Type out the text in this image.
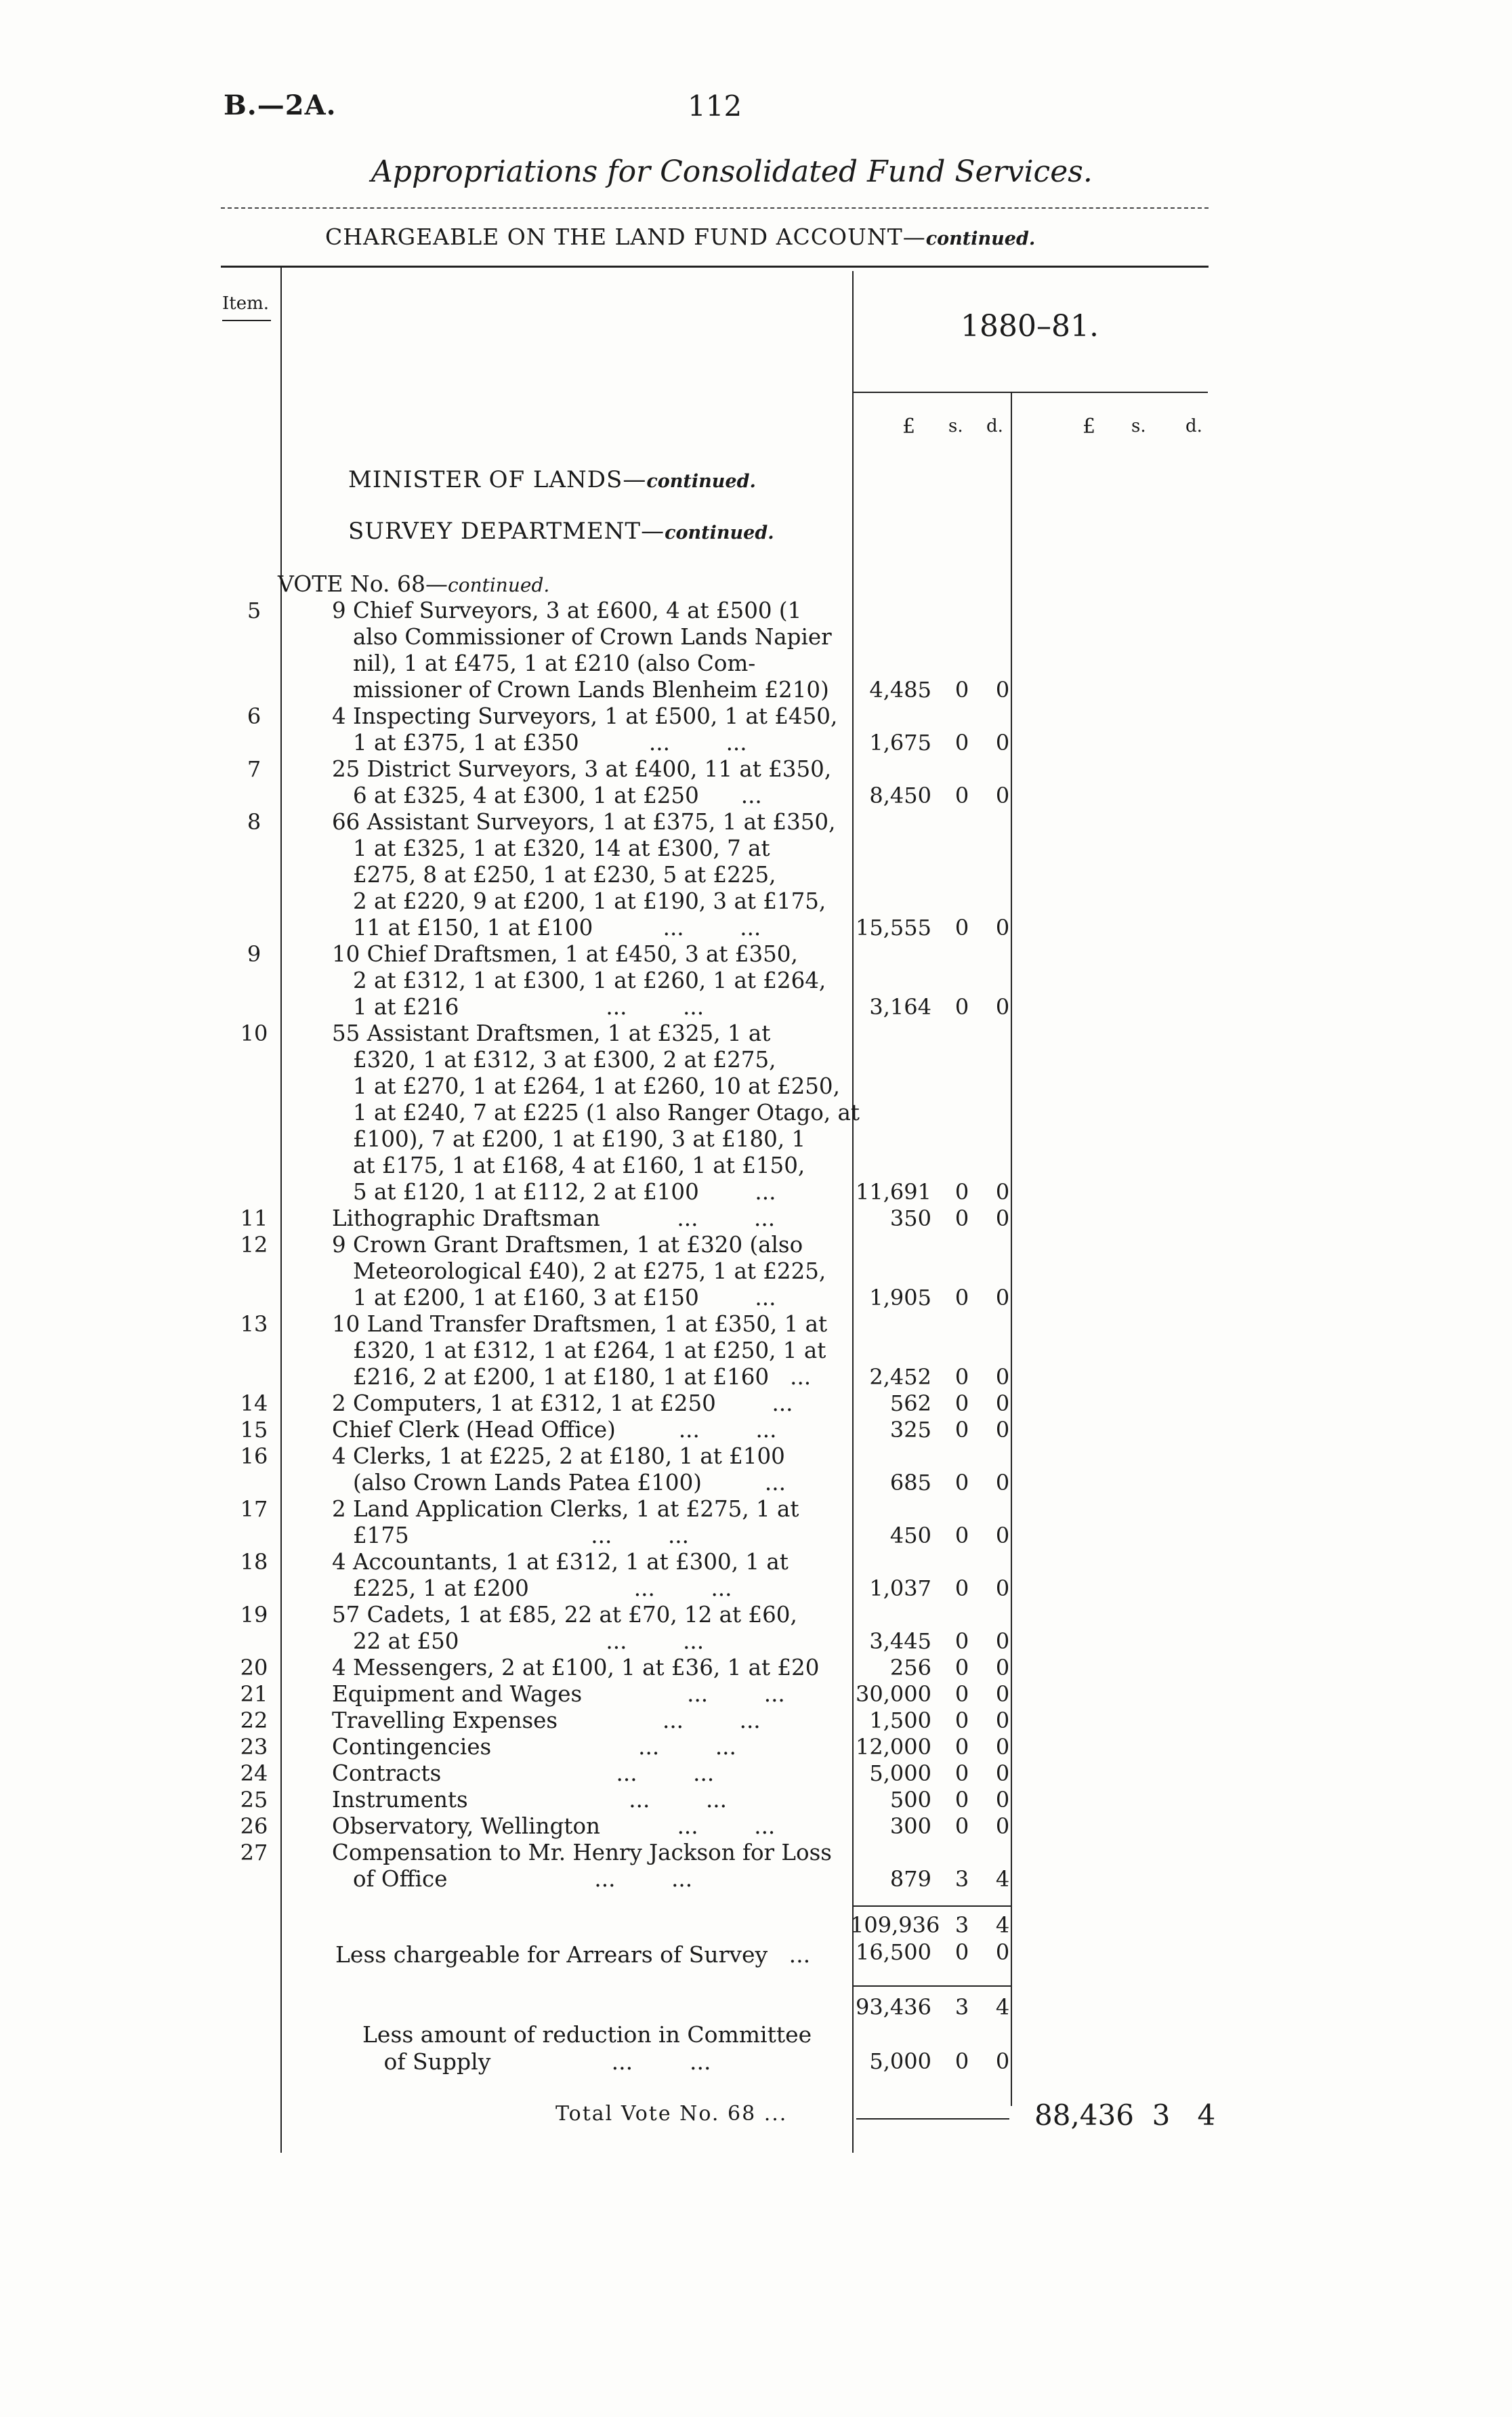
B.—2A.	112
Appropriations for Consolidated Fund Services.
CHARGEABLE ON THE LAND FUND ACCOUNT—continued.
Item.
1880–81.
£ s. d.	£ s. d.
MINISTER OF LANDS—continued.
SURVEY DEPARTMENT—continued.
VOTE No. 68—continued.
5	9 Chief Surveyors, 3 at £600, 4 at £500 (1
also Commissioner of Crown Lands Napier
nil), 1 at £475, 1 at £210 (also Com-
missioner of Crown Lands Blenheim £210)	4,485	0	0
6	4 Inspecting Surveyors, 1 at £500, 1 at £450,
1 at £375, 1 at £350          ...        ...	1,675	0	0
7	25 District Surveyors, 3 at £400, 11 at £350,
6 at £325, 4 at £300, 1 at £250      ...	8,450	0	0
8	66 Assistant Surveyors, 1 at £375, 1 at £350,
1 at £325, 1 at £320, 14 at £300, 7 at
£275, 8 at £250, 1 at £230, 5 at £225,
2 at £220, 9 at £200, 1 at £190, 3 at £175,
11 at £150, 1 at £100          ...        ...	15,555	0	0
9	10 Chief Draftsmen, 1 at £450, 3 at £350,
2 at £312, 1 at £300, 1 at £260, 1 at £264,
1 at £216                     ...        ...	3,164	0	0
10	55 Assistant Draftsmen, 1 at £325, 1 at
£320, 1 at £312, 3 at £300, 2 at £275,
1 at £270, 1 at £264, 1 at £260, 10 at £250,
1 at £240, 7 at £225 (1 also Ranger Otago, at
£100), 7 at £200, 1 at £190, 3 at £180, 1
at £175, 1 at £168, 4 at £160, 1 at £150,
5 at £120, 1 at £112, 2 at £100        ...	11,691	0	0
11	Lithographic Draftsman           ...        ...	350	0	0
12	9 Crown Grant Draftsmen, 1 at £320 (also
Meteorological £40), 2 at £275, 1 at £225,
1 at £200, 1 at £160, 3 at £150        ...	1,905	0	0
13	10 Land Transfer Draftsmen, 1 at £350, 1 at
£320, 1 at £312, 1 at £264, 1 at £250, 1 at
£216, 2 at £200, 1 at £180, 1 at £160   ...	2,452	0	0
14	2 Computers, 1 at £312, 1 at £250        ...	562	0	0
15	Chief Clerk (Head Office)         ...        ...	325	0	0
16	4 Clerks, 1 at £225, 2 at £180, 1 at £100
(also Crown Lands Patea £100)         ...	685	0	0
17	2 Land Application Clerks, 1 at £275, 1 at
£175                          ...        ...	450	0	0
18	4 Accountants, 1 at £312, 1 at £300, 1 at
£225, 1 at £200               ...        ...	1,037	0	0
19	57 Cadets, 1 at £85, 22 at £70, 12 at £60,
22 at £50                     ...        ...	3,445	0	0
20	4 Messengers, 2 at £100, 1 at £36, 1 at £20	256	0	0
21	Equipment and Wages               ...        ...	30,000	0	0
22	Travelling Expenses               ...        ...	1,500	0	0
23	Contingencies                     ...        ...	12,000	0	0
24	Contracts                         ...        ...	5,000	0	0
25	Instruments                       ...        ...	500	0	0
26	Observatory, Wellington           ...        ...	300	0	0
27	Compensation to Mr. Henry Jackson for Loss
of Office                     ...        ...	879	3	4
109,936 3	4
Less chargeable for Arrears of Survey   ... 16,500	0	0
93,436	3	4
Less amount of reduction in Committee
of Supply                 ...        ...	5,000	0	0
Total Vote No. 68 ...	88,436 3 4
